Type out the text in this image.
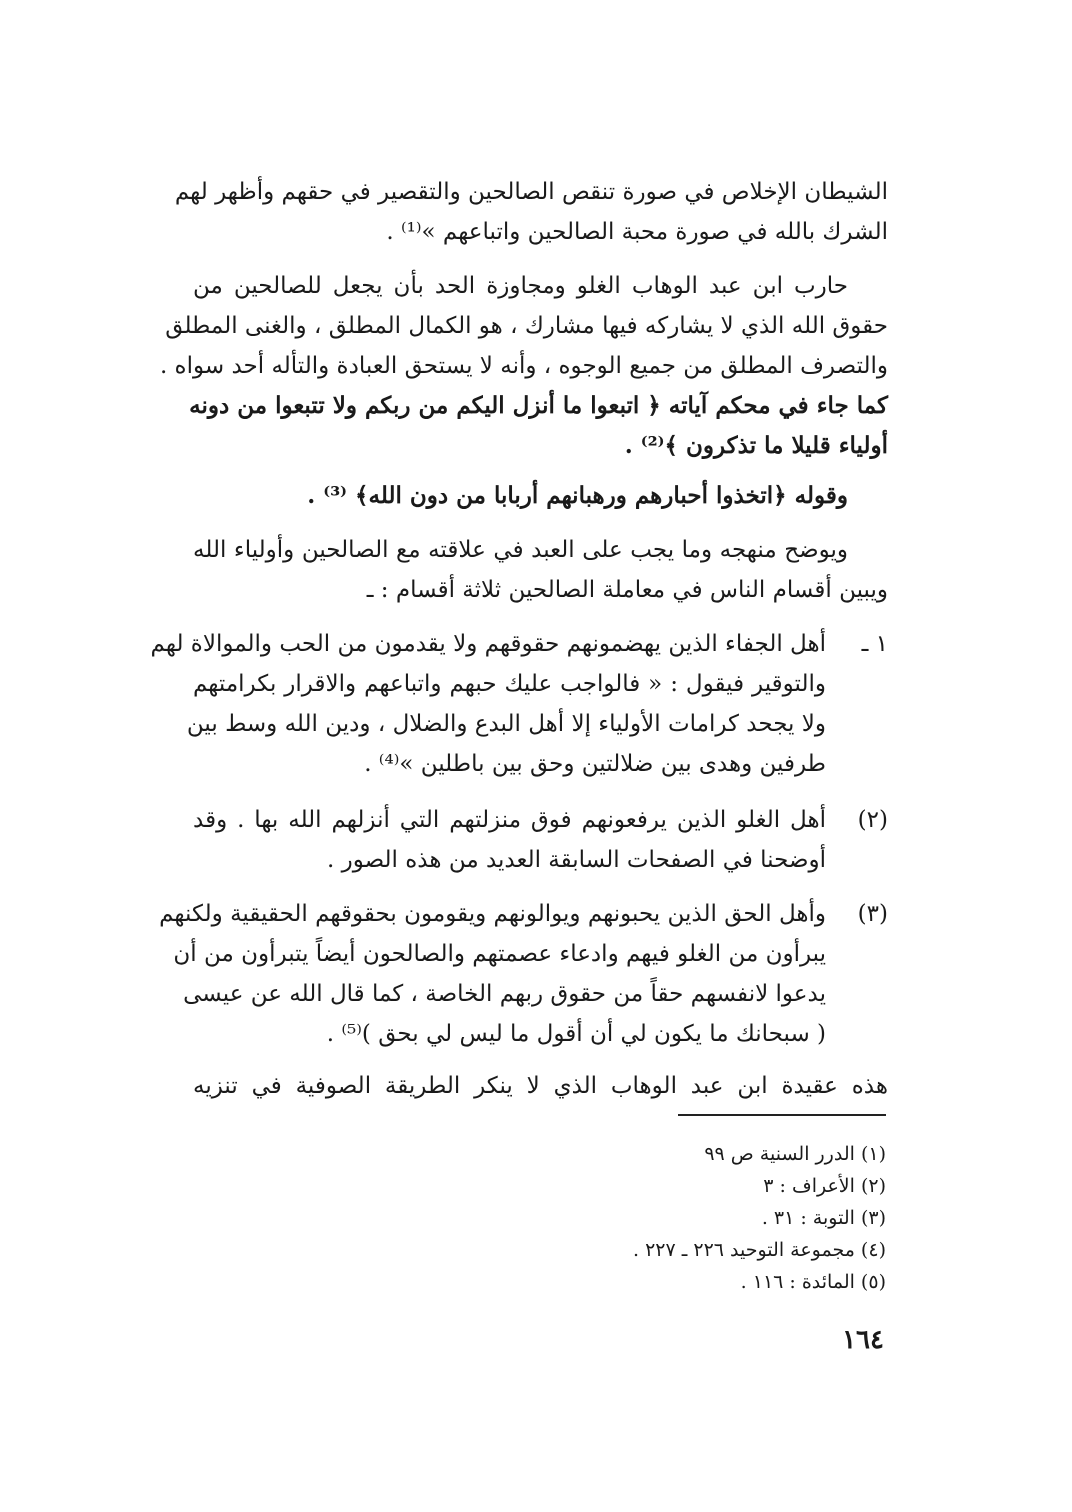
الشيطان الإخلاص في صورة تنقص الصالحين والتقصير في حقهم وأظهر لهم
الشرك بالله في صورة محبة الصالحين واتباعهم »⁽¹⁾ .
حارب ابن عبد الوهاب الغلو ومجاوزة الحد بأن يجعل للصالحين من
حقوق الله الذي لا يشاركه فيها مشارك ، هو الكمال المطلق ، والغنى المطلق
والتصرف المطلق من جميع الوجوه ، وأنه لا يستحق العبادة والتأله أحد سواه .
كما جاء في محكم آياته ﴿ اتبعوا ما أنزل اليكم من ربكم ولا تتبعوا من دونه
أولياء قليلا ما تذكرون ﴾⁽²⁾ .
وقوله ﴿اتخذوا أحبارهم ورهبانهم أربابا من دون الله﴾ ⁽³⁾ .
ويوضح منهجه وما يجب على العبد في علاقته مع الصالحين وأولياء الله
ويبين أقسام الناس في معاملة الصالحين ثلاثة أقسام : ـ
١ ـ
أهل الجفاء الذين يهضمونهم حقوقهم ولا يقدمون من الحب والموالاة لهم
والتوقير فيقول : « فالواجب عليك حبهم واتباعهم والاقرار بكرامتهم
ولا يجحد كرامات الأولياء إلا أهل البدع والضلال ، ودين الله وسط بين
طرفين وهدى بين ضلالتين وحق بين باطلين »⁽⁴⁾ .
(٢)
أهل الغلو الذين يرفعونهم فوق منزلتهم التي أنزلهم الله بها . وقد
أوضحنا في الصفحات السابقة العديد من هذه الصور .
(٣)
وأهل الحق الذين يحبونهم ويوالونهم ويقومون بحقوقهم الحقيقية ولكنهم
يبرأون من الغلو فيهم وادعاء عصمتهم والصالحون أيضاً يتبرأون من أن
يدعوا لانفسهم حقاً من حقوق ربهم الخاصة ، كما قال الله عن عيسى
( سبحانك ما يكون لي أن أقول ما ليس لي بحق )⁽⁵⁾ .
هذه عقيدة ابن عبد الوهاب الذي لا ينكر الطريقة الصوفية في تنزيه
(١) الدرر السنية ص ٩٩
(٢) الأعراف : ٣
(٣) التوبة : ٣١ .
(٤) مجموعة التوحيد ٢٢٦ ـ ٢٢٧ .
(٥) المائدة : ١١٦ .
١٦٤
